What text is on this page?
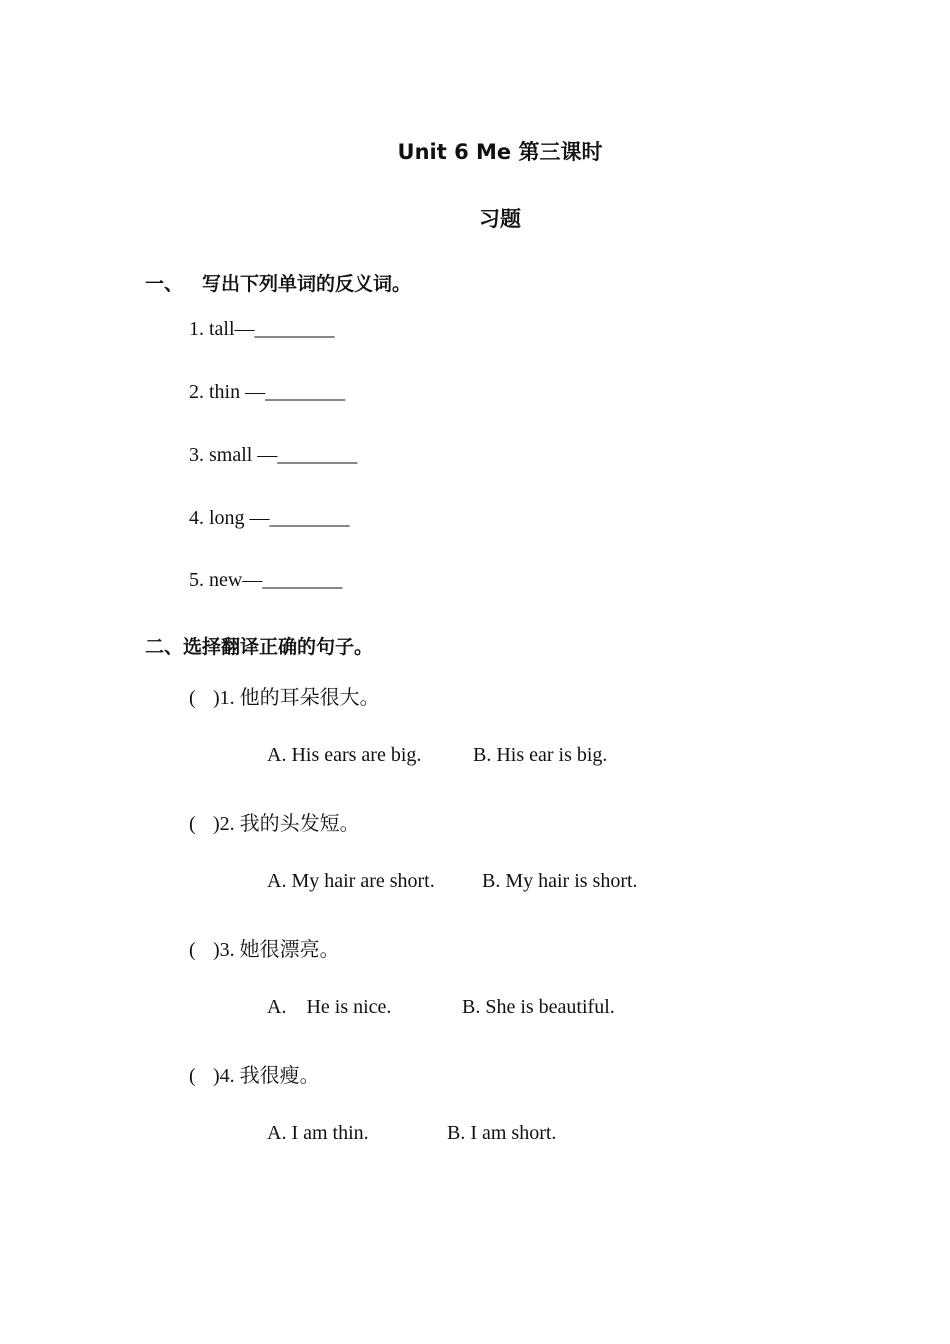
Unit 6 Me 第三课时
习题
一、 写出下列单词的反义词。
1. tall—________
2. thin —________
3. small —________
4. long —________
5. new—________
二、选择翻译正确的句子。
( )1. 他的耳朵很大。
A. His ears are big.	B. His ear is big.
( )2. 我的头发短。
A. My hair are short. B. My hair is short.
( )3. 她很漂亮。
A.    He is nice.	B. She is beautiful.
( )4. 我很瘦。
A. I am thin.	B. I am short.
